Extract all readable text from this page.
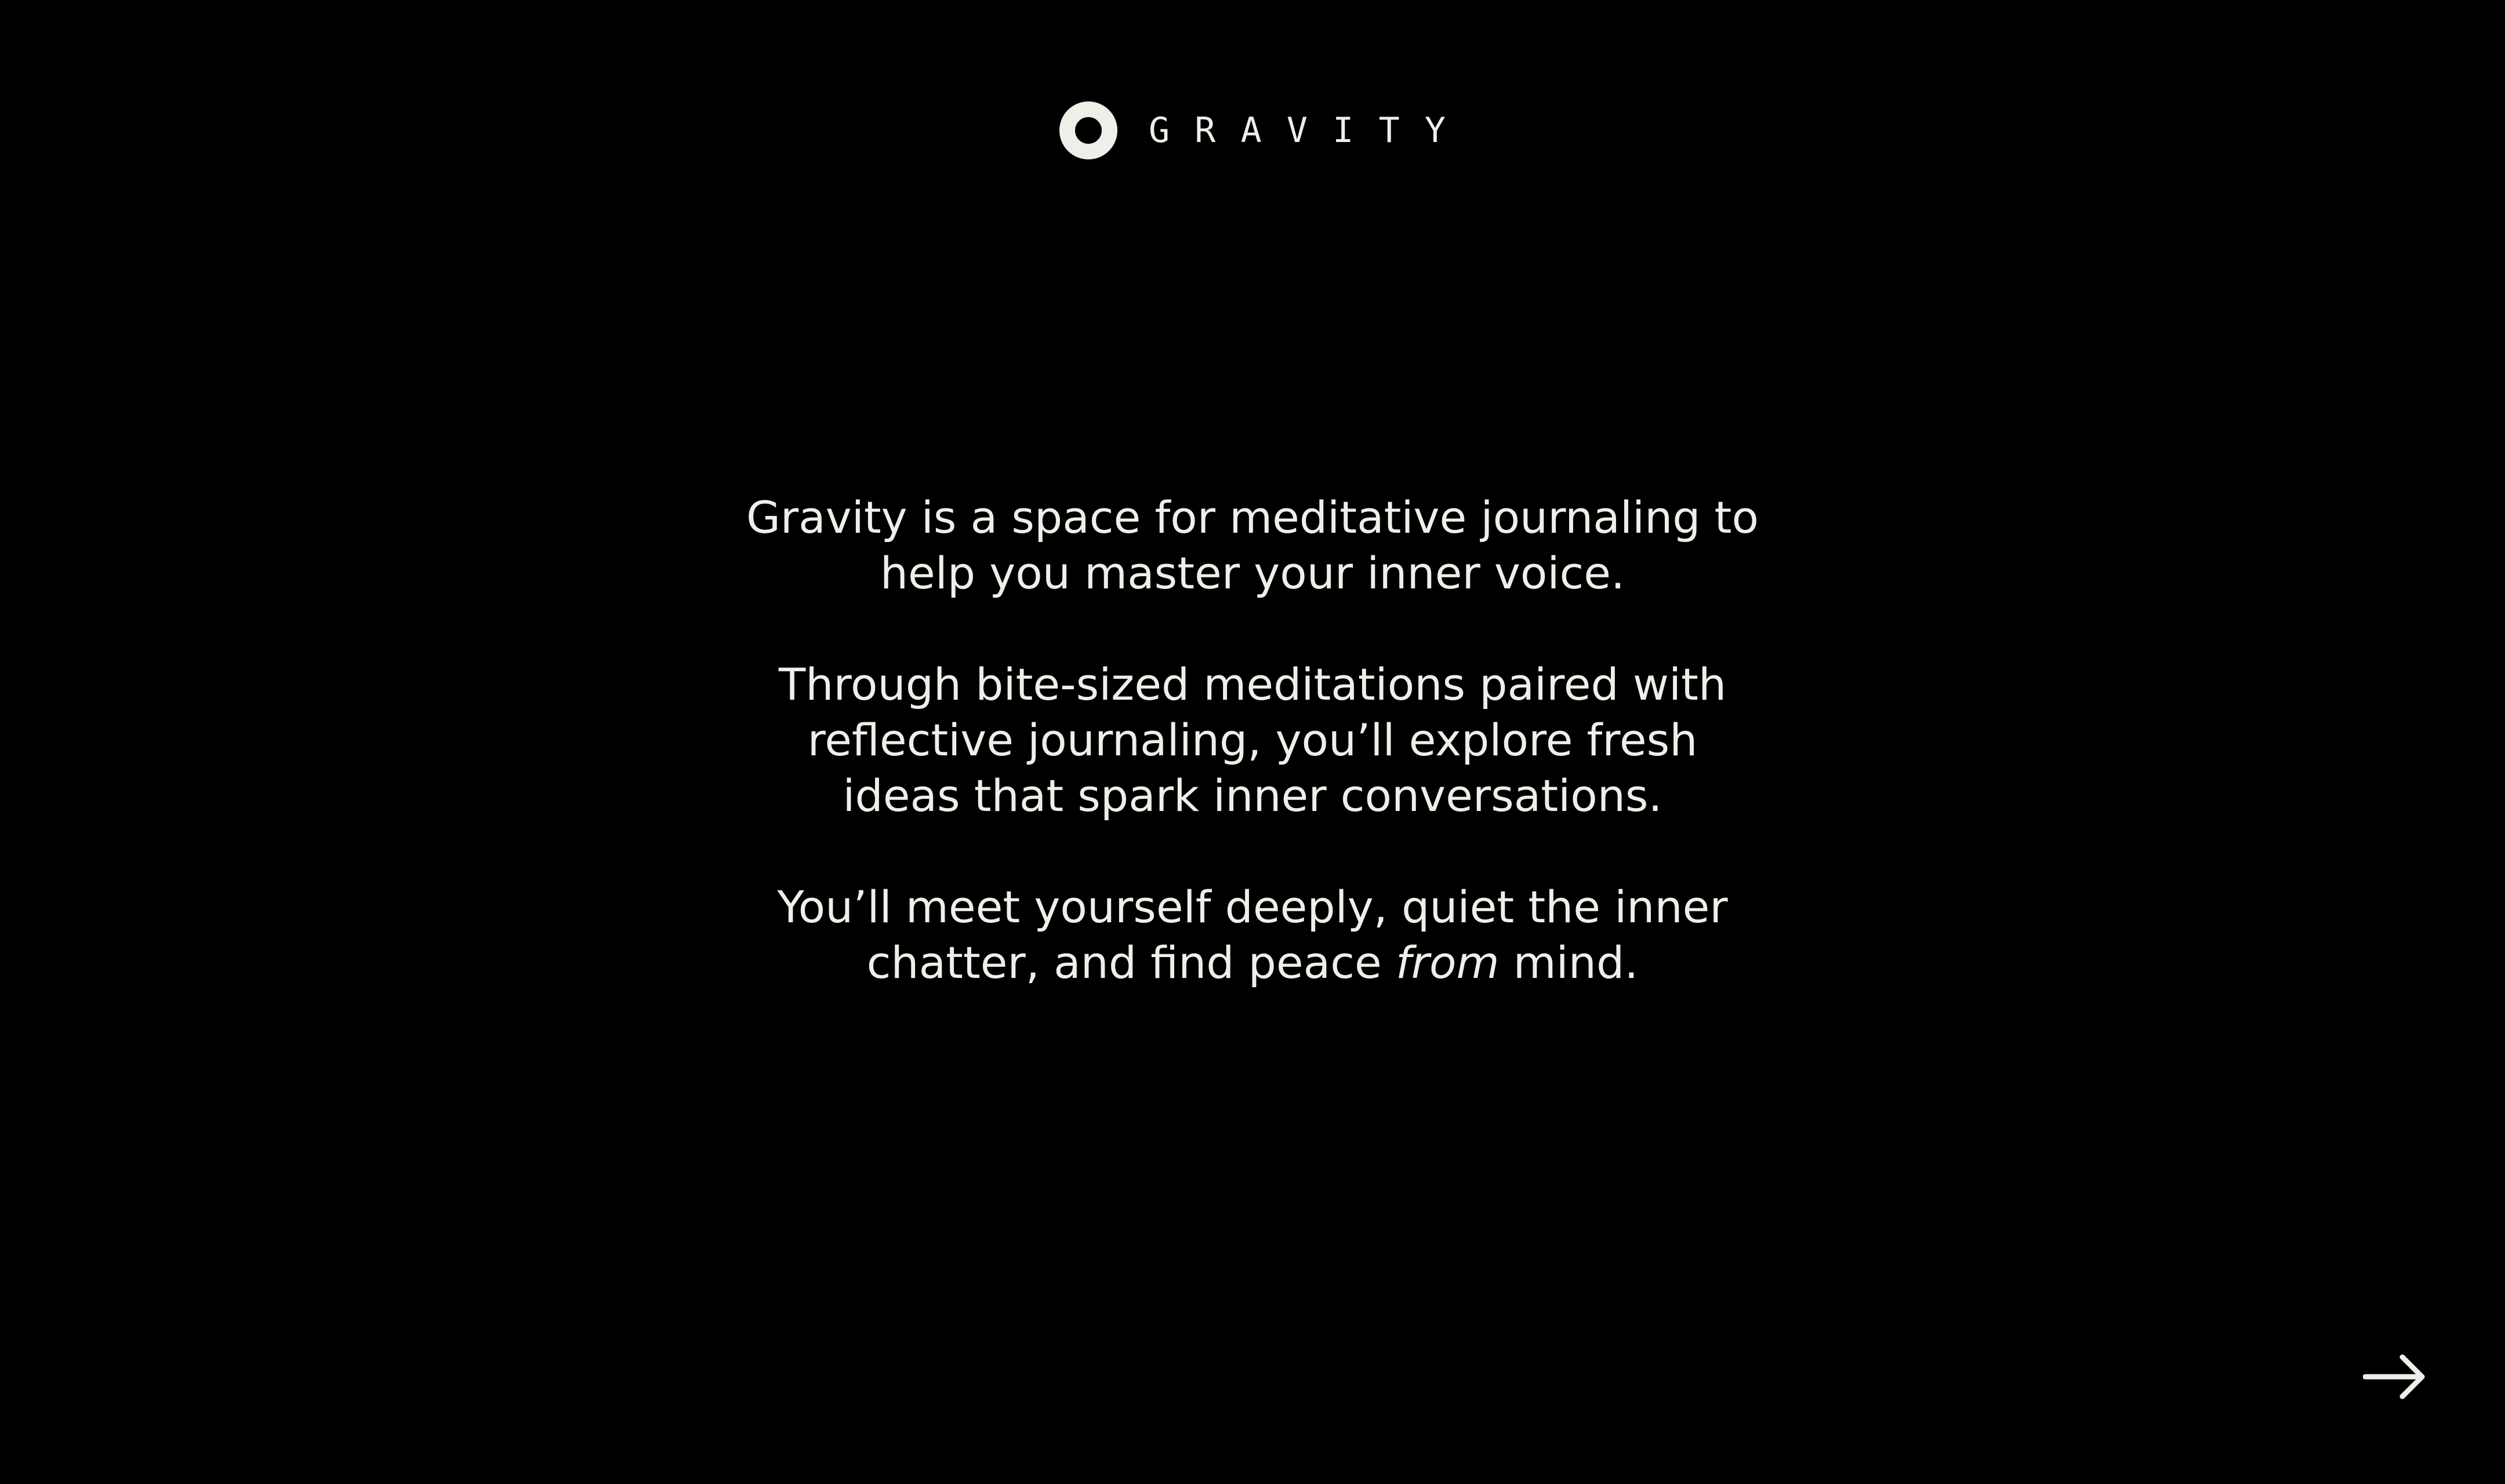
GRAVITY

Gravity is a space for meditative journaling to
help you master your inner voice.

Through bite-sized meditations paired with
reflective journaling, you’ll explore fresh
ideas that spark inner conversations.

You’ll meet yourself deeply, quiet the inner
chatter, and find peace from mind.
